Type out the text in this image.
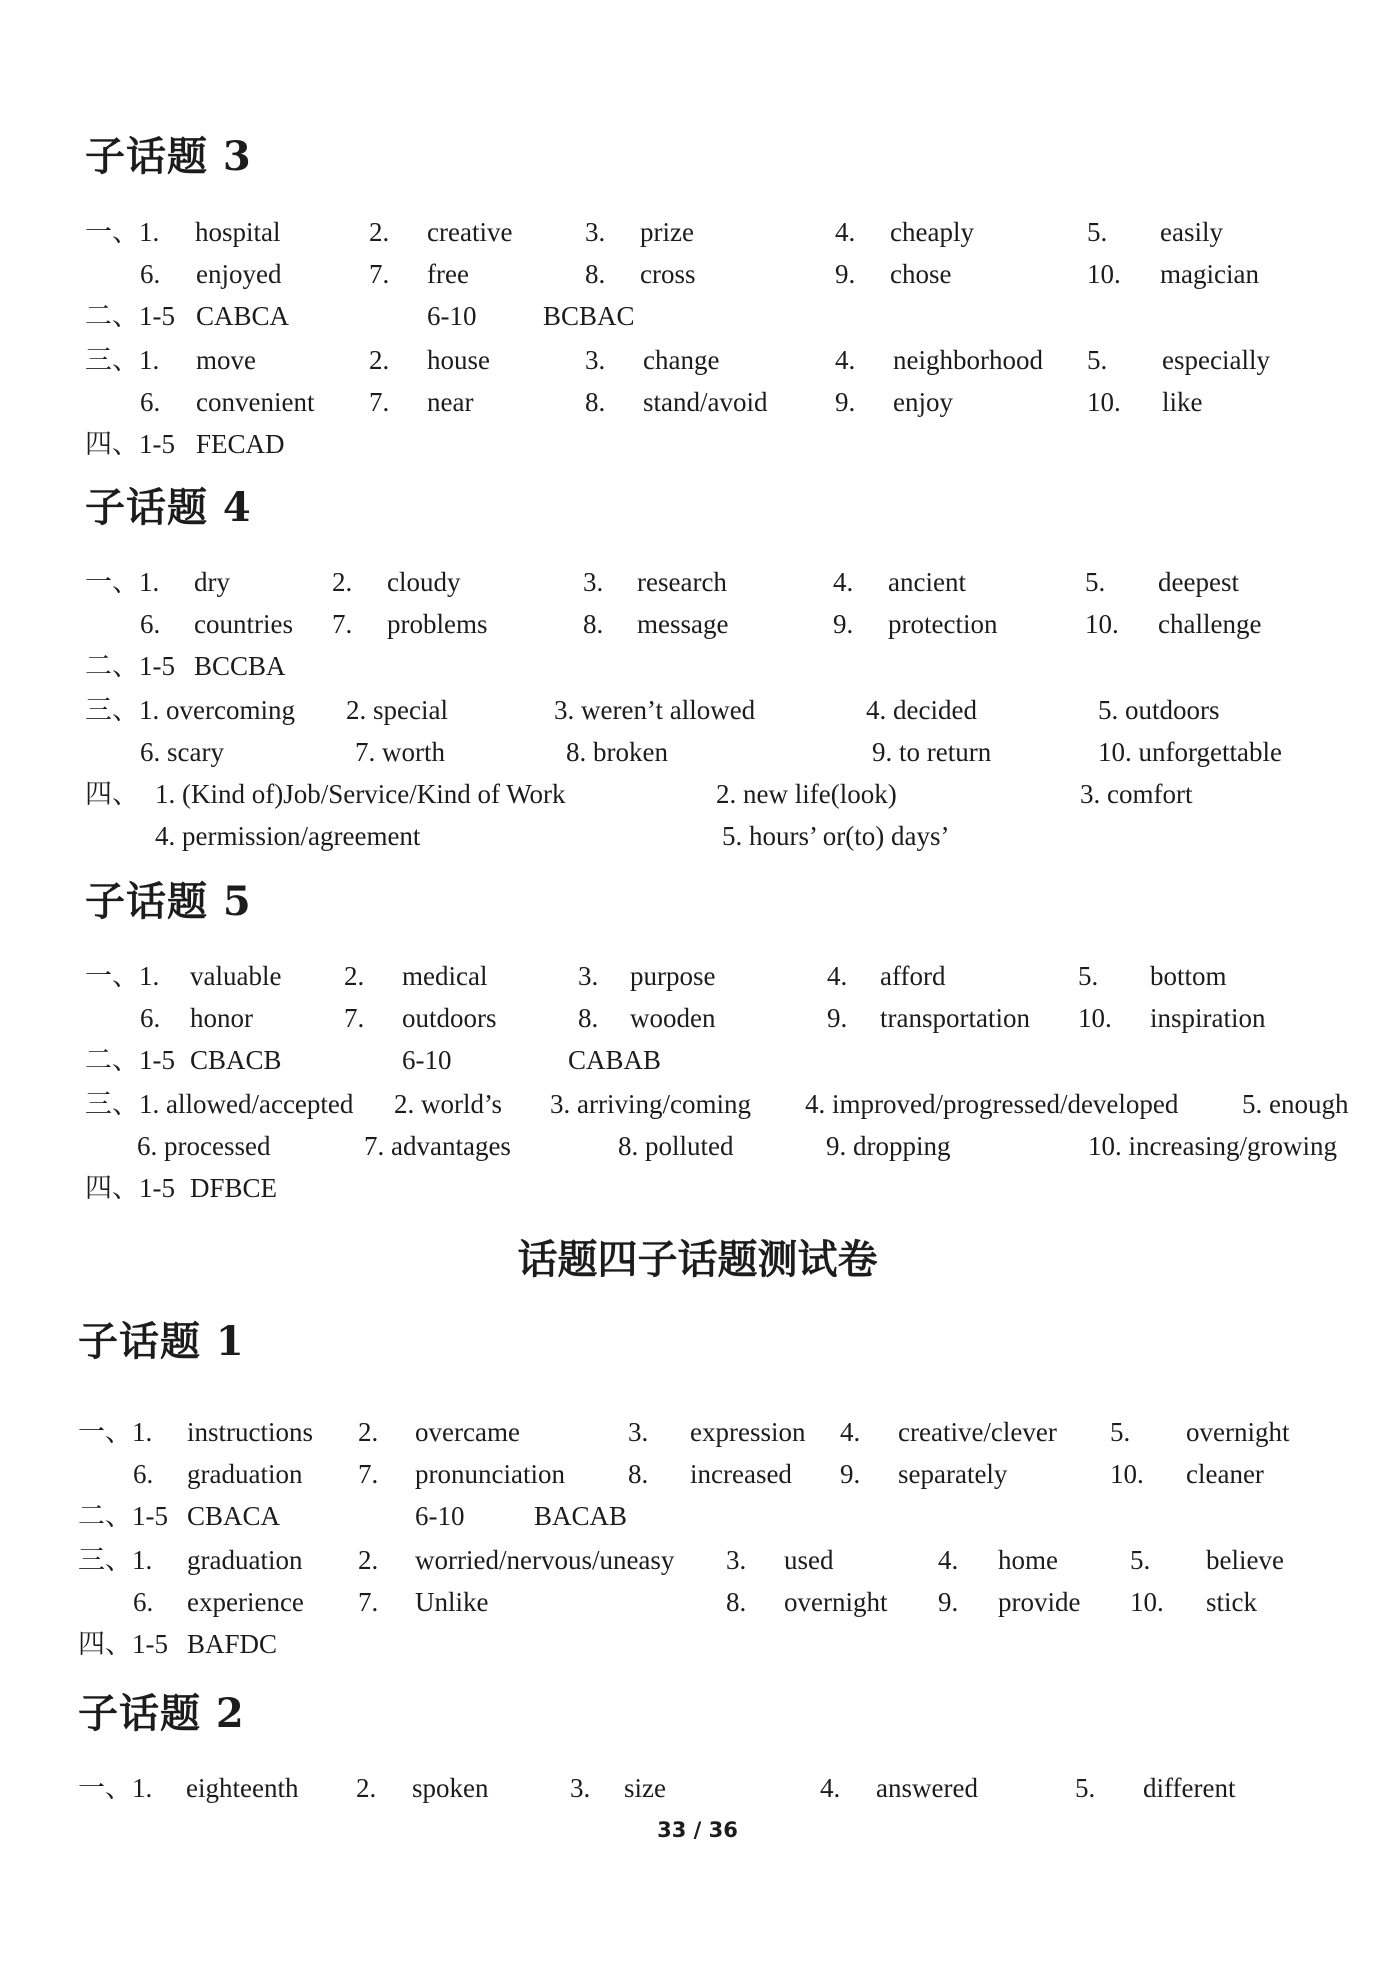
子话题 3
一、1. hospital	2. creative	3. prize	4. cheaply	5. easily
6. enjoyed	7. free	8. cross	9. chose	10. magician
二、1-5 CABCA	6-10 BCBAC
三、1. move	2. house	3. change	4. neighborhood 5. especially
6. convenient 7. near	8. stand/avoid	9. enjoy	10. like
四、1-5 FECAD
子话题 4
一、1. dry	2. cloudy	3. research	4. ancient	5. deepest
6. countries 7. problems	8. message	9. protection	10. challenge
二、1-5 BCCBA
三、1. overcoming 2. special	3. weren’t allowed	4. decided	5. outdoors
6. scary	7. worth	8. broken	9. to return	10. unforgettable
四、 1. (Kind of)Job/Service/Kind of Work	2. new life(look)	3. comfort
4. permission/agreement	5. hours’ or(to) days’
子话题 5
一、1. valuable 2. medical	3. purpose	4. afford	5. bottom
6. honor	7. outdoors	8. wooden	9. transportation 10. inspiration
二、1-5 CBACB	6-10	CABAB
三、1. allowed/accepted 2. world’s 3. arriving/coming 4. improved/progressed/developed 5. enough
6. processed	7. advantages	8. polluted	9. dropping	10. increasing/growing
四、1-5 DFBCE
话题四子话题测试卷
子话题 1
一、1. instructions 2. overcame	3. expression 4. creative/clever 5. overnight
6. graduation 7. pronunciation 8. increased 9. separately	10. cleaner
二、1-5 CBACA	6-10	BACAB
三、1. graduation 2. worried/nervous/uneasy 3. used	4. home	5. believe
6. experience 7. Unlike	8. overnight 9. provide 10. stick
四、1-5 BAFDC
子话题 2
一、1. eighteenth 2. spoken	3. size	4. answered	5. different
33 / 36
